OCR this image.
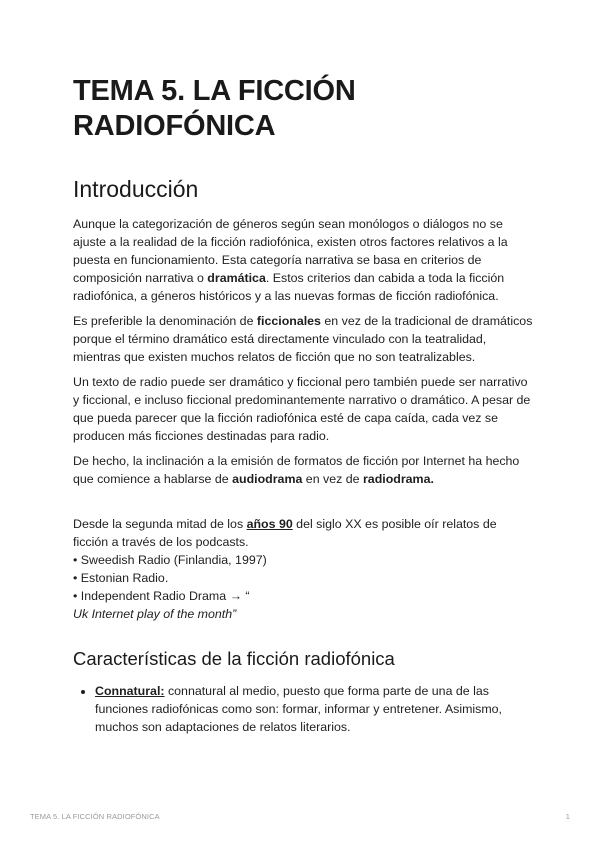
TEMA 5. LA FICCIÓN RADIOFÓNICA
Introducción

Aunque la categorización de géneros según sean monólogos o diálogos no se ajuste a la realidad de la ficción radiofónica, existen otros factores relativos a la puesta en funcionamiento. Esta categoría narrativa se basa en criterios de composición narrativa o dramática. Estos criterios dan cabida a toda la ficción radiofónica, a géneros históricos y a las nuevas formas de ficción radiofónica.

Es preferible la denominación de ficcionales en vez de la tradicional de dramáticos porque el término dramático está directamente vinculado con la teatralidad, mientras que existen muchos relatos de ficción que no son teatralizables.

Un texto de radio puede ser dramático y ficcional pero también puede ser narrativo y ficcional, e incluso ficcional predominantemente narrativo o dramático. A pesar de que pueda parecer que la ficción radiofónica esté de capa caída, cada vez se producen más ficciones destinadas para radio.

De hecho, la inclinación a la emisión de formatos de ficción por Internet ha hecho que comience a hablarse de audiodrama en vez de radiodrama.

Desde la segunda mitad de los años 90 del siglo XX es posible oír relatos de ficción a través de los podcasts.

• Sweedish Radio (Finlandia, 1997)
• Estonian Radio.
• Independent Radio Drama → “
Uk Internet play of the month”
Características de la ficción radiofónica
• Connatural: connatural al medio, puesto que forma parte de una de las funciones radiofónicas como son: formar, informar y entretener. Asimismo, muchos son adaptaciones de relatos literarios.
TEMA 5. LA FICCIÓN RADIOFÓNICA	1
